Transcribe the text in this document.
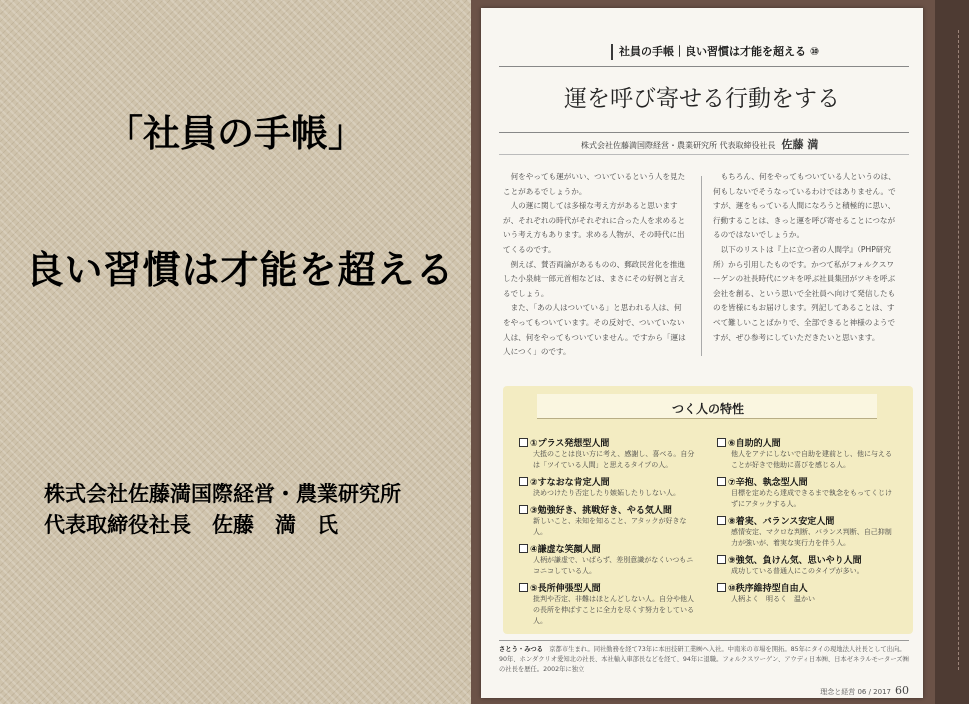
「社員の手帳」
良い習慣は才能を超える
株式会社佐藤満国際経営・農業研究所
代表取締役社長　佐藤　満　氏
社員の手帳｜良い習慣は才能を超える ⑩
運を呼び寄せる行動をする
株式会社佐藤満国際経営・農業研究所 代表取締役社長 佐藤 満

何をやっても運がいい、ついているという人を見たことがあるでしょうか。

人の運に関しては多様な考え方があると思いますが、それぞれの時代がそれぞれに合った人を求めるという考え方もあります。求める人物が、その時代に出てくるのです。

例えば、賛否両論があるものの、郵政民営化を推進した小泉純一郎元首相などは、まさにその好例と言えるでしょう。

また、「あの人はついている」と思われる人は、何をやってもついています。その反対で、ついていない人は、何をやってもついていません。ですから「運は人につく」のです。

もちろん、何をやってもついている人というのは、何もしないでそうなっているわけではありません。ですが、運をもっている人間になろうと積極的に思い、行動することは、きっと運を呼び寄せることにつながるのではないでしょうか。

以下のリストは『上に立つ者の人間学』（PHP研究所）から引用したものです。かつて私がフォルクスワーゲンの社長時代にツキを呼ぶ社員集団がツキを呼ぶ会社を創る、という思いで全社員へ向けて発信したものを皆様にもお届けします。列記してあることは、すべて難しいことばかりで、全部できると神様のようですが、ぜひ参考にしていただきたいと思います。

つく人の特性
①プラス発想型人間
大抵のことは良い方に考え、感謝し、喜べる。自分は「ツイている人間」と思えるタイプの人。
②すなおな肯定人間
決めつけたり否定したり嫉妬したりしない人。
③勉強好き、挑戦好き、やる気人間
新しいこと、未知を知ること、アタックが好きな人。
④謙虚な笑顔人間
人柄が謙虚で、いばらず、差別意識がなくいつもニコニコしている人。
⑤長所伸張型人間
批判や否定、非難はほとんどしない人。自分や他人の長所を伸ばすことに全力を尽くす努力をしている人。
⑥自助的人間
他人をアテにしないで自助を建前とし、他に与えることが好きで他助に喜びを感じる人。
⑦辛抱、執念型人間
目標を定めたら達成できるまで執念をもってくじけずにアタックする人。
⑧着実、バランス安定人間
感情安定、マクロな判断、バランス判断、自己抑制力が強いが、着実な実行力を伴う人。
⑨強気、負けん気、思いやり人間
成功している普通人にこのタイプが多い。
⑩秩序維持型自由人
人柄よく　明るく　温かい
さとう・みつる　 京都市生まれ。同社勤務を経て73年に本田技研工業㈱へ入社。中南米の市場を開拓。85年にタイの現地法人社長として出向。90年、ホンダクリオ愛知北の社長、本社輸入車部長などを経て、94年に退職。フォルクスワーゲン、アウディ日本㈱、日本ゼネラルモーターズ㈱の社長を歴任。2002年に独立
理念と経営 06 / 2017 60
